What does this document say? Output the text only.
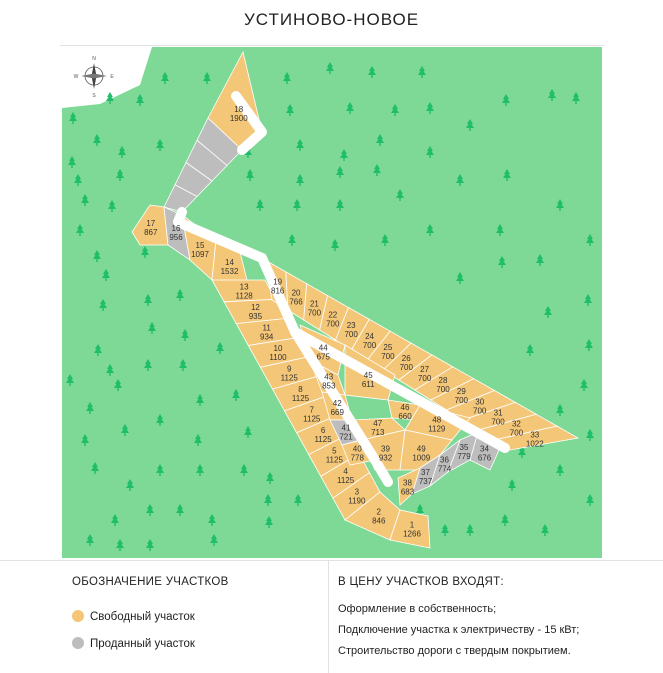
УСТИНОВО-НОВОЕ
18
1900
17
867 16
956
15
1097
14
1532
13
1128
12
935
11
934
10
1100
9
1125
8
1125
7
1125
6
1125
5
1125
4
1125
3
1190
2
846	1
1266
19
816 20
766 21
700 22
700 23
700 24
700 25
700 26
700 27
700 28
700 29
700 30
700 31
700 32
700 33
1022
44
675
43
853
45
611
42
669
46
660
41
721
47
713
40
778
48
1129
39
932
49
1009
34
676
35
779
36
774
37
737
38
683
N
S
W	E
ОБОЗНАЧЕНИЕ УЧАСТКОВ
Свободный участок
Проданный участок
В ЦЕНУ УЧАСТКОВ ВХОДЯТ:
Оформление в собственность;
Подключение участка к электричеству - 15 кВт;
Строительство дороги с твердым покрытием.
